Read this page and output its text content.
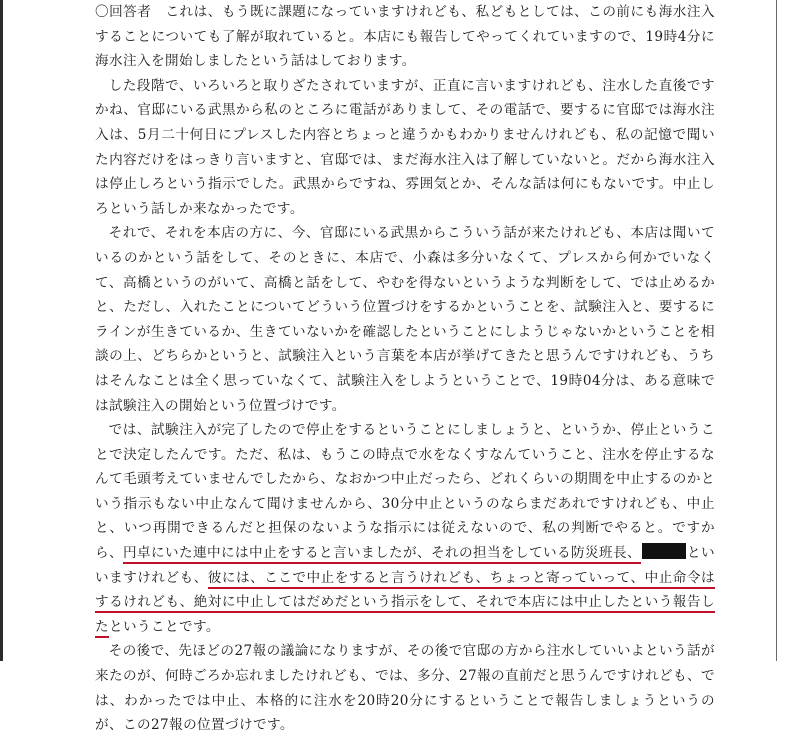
〇回答者　これは、もう既に課題になっていますけれども、私どもとしては、この前にも海水注入することについても了解が取れていると。本店にも報告してやってくれていますので、19時4分に海水注入を開始しましたという話はしております。

した段階で、いろいろと取りざたされていますが、正直に言いますけれども、注水した直後ですかね、官邸にいる武黒から私のところに電話がありまして、その電話で、要するに官邸では海水注入は、5月二十何日にプレスした内容とちょっと違うかもわかりませんけれども、私の記憶で聞いた内容だけをはっきり言いますと、官邸では、まだ海水注入は了解していないと。だから海水注入は停止しろという指示でした。武黒からですね、雰囲気とか、そんな話は何にもないです。中止しろという話しか来なかったです。

それで、それを本店の方に、今、官邸にいる武黒からこういう話が来たけれども、本店は聞いているのかという話をして、そのときに、本店で、小森は多分いなくて、プレスから何かでいなくて、高橋というのがいて、高橋と話をして、やむを得ないというような判断をして、では止めるかと、ただし、入れたことについてどういう位置づけをするかということを、試験注入と、要するにラインが生きているか、生きていないかを確認したということにしようじゃないかということを相談の上、どちらかというと、試験注入という言葉を本店が挙げてきたと思うんですけれども、うちはそんなことは全く思っていなくて、試験注入をしようということで、19時04分は、ある意味では試験注入の開始という位置づけです。

では、試験注入が完了したので停止をするということにしましょうと、というか、停止ということで決定したんです。ただ、私は、もうこの時点で水をなくすなんていうこと、注水を停止するなんて毛頭考えていませんでしたから、なおかつ中止だったら、どれくらいの期間を中止するのかという指示もない中止なんて聞けませんから、30分中止というのならまだあれですけれども、中止と、いつ再開できるんだと担保のないような指示には従えないので、私の判断でやると。ですから、円卓にいた連中には中止をすると言いましたが、それの担当をしている防災班長、	といいますけれども、彼には、ここで中止をすると言うけれども、ちょっと寄っていって、中止命令はするけれども、絶対に中止してはだめだという指示をして、それで本店には中止したという報告したということです。

その後で、先ほどの27報の議論になりますが、その後で官邸の方から注水していいよという話が来たのが、何時ごろか忘れましたけれども、では、多分、27報の直前だと思うんですけれども、では、わかったでは中止、本格的に注水を20時20分にするということで報告しましょうというのが、この27報の位置づけです。
